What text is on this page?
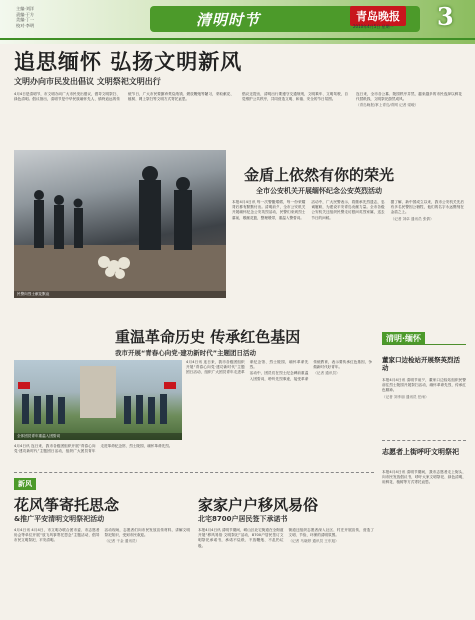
主编·刘洋
责编·于方
美编·丁一
校对·李明	清明时节	青岛晚报 3
2010年4月5日 星期一
追思缅怀 弘扬文明新风
文明办向市民发出倡议 文明祭祀文明出行

4月4日是清明节，市文明办向广大市民发出倡议，倡导文明祭扫、绿色清明。倡议指出，清明节是中华民族缅怀先人、慎终追远的传统节日，广大市民要摒弃焚烧纸钱、燃放鞭炮等陋习，采取献花、植树、网上祭扫等文明方式寄托哀思。

倡议还提出，清明出行要遵守交通规则，文明乘车、文明驾驶，自觉维护公共秩序，共同营造文明、和谐、安全的节日氛围。

连日来，全市各公墓、陵园秩序井然，越来越多的市民选择以鲜花代替纸钱，文明祭祀蔚然成风。

（青岛晚报/掌上青岛/青网 记者 梁峻）

民警向烈士献花默哀
金盾上依然有你的荣光
全市公安机关开展缅怀纪念公安英烈活动

本报4月4日讯 每一次警徽熠熠，每一份荣耀背后都有默默付出。清明前夕，全市公安机关开展缅怀纪念公安英烈活动，民警们来到烈士墓前，敬献花篮，整理缎带，重温入警誓词。

活动中，广大民警表示，将继承先烈遗志，忠诚履职，为建设平安青岛贡献力量。全市各级公安机关还组织民警走访慰问英烈家属，送去节日的问候。

据了解，新中国成立以来，我市公安机关先后有多名民警因公牺牲，他们的名字永远镌刻在金盾之上。

（记者 刘卓 通讯员 张倩）

重温革命历史 传承红色基因
我市开展“青春心向党·建功新时代”主题团日活动
全体团员青年重温入团誓词

4月4日讯 连日来，我市各级团组织开展“青春心向党·建功新时代”主题团日活动，组织广大团员青年走进革命纪念馆、烈士陵园，缅怀革命先烈。

活动中，团员们在烈士纪念碑前重温入团誓词，聆听先烈事迹，接受革命传统教育，表示要传承红色基因，争做新时代好青年。

（记者 通讯员）

4月4日讯 连日来，我市各级团组织开展“青春心向党·建功新时代”主题团日活动，组织广大团员青年走进革命纪念馆、烈士陵园，缅怀革命先烈。

清明·缅怀
董家口边检站开展祭英烈活动

本报4月4日讯 清明节前夕，董家口边检站组织民警前往烈士陵园开展祭扫活动，缅怀革命先烈，传承红色精神。

（记者 刘孝朋 通讯员 任雨）

志愿者上街呼吁文明祭祀

本报4月4日讯 清明节期间，我市志愿者走上街头，向市民发放倡议书，呼吁大家文明祭祀、绿色清明，用鲜花、植树等方式寄托哀思。

新风
花风筝寄托思念
&推广平安清明文明祭祀活动

4月4日讯 4月4日，市文明办联合团市委、市志愿者协会等单位开展“放飞风筝寄托思念”主题活动，倡导市民文明祭祀、平安清明。

活动现场，志愿者们向市民发放宣传材料，讲解文明祭祀知识，受到市民欢迎。

（记者 干金 通讯员）

家家户户移风易俗
北宅8700户居民签下承诺书

本报4月4日讯 清明节期间，崂山区北宅街道在全街道开展“移风易俗 文明祭祀”活动，8700户居民签订文明祭祀承诺书，承诺不烧纸、不放鞭炮、不乱扔垃圾。

街道还组织志愿者深入社区、村庄开展宣传，营造了文明、节俭、环保的清明氛围。

（记者 马晓婷 通讯员 王东旭）
